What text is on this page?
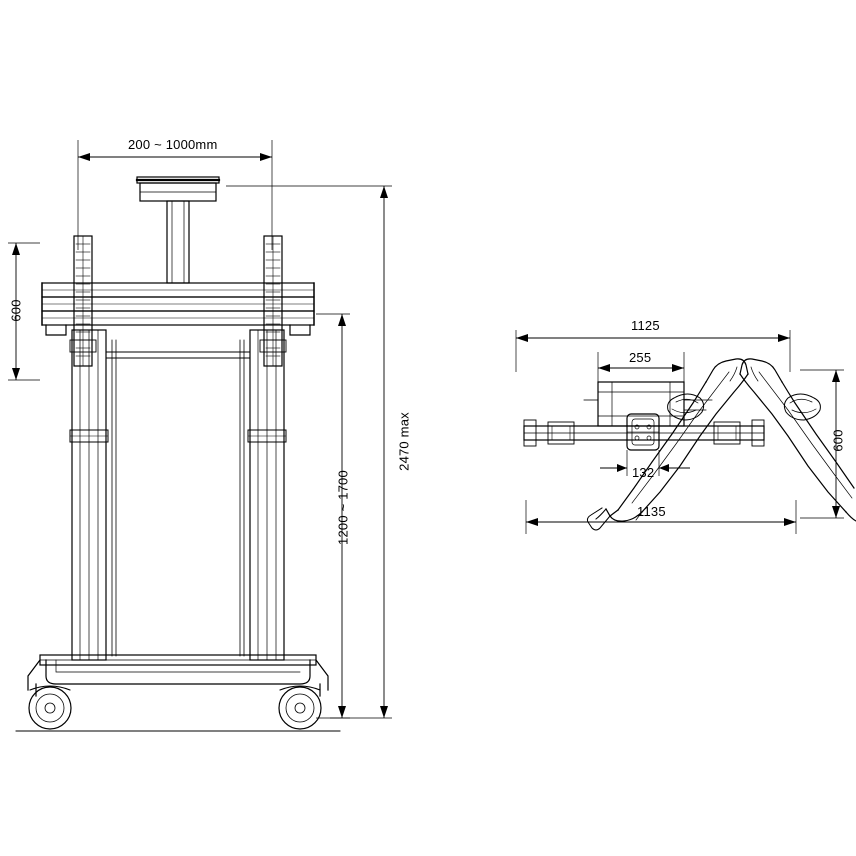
200 ~ 1000mm
600
1200 ~ 1700
2470 max
1125
255
132
1135
600
